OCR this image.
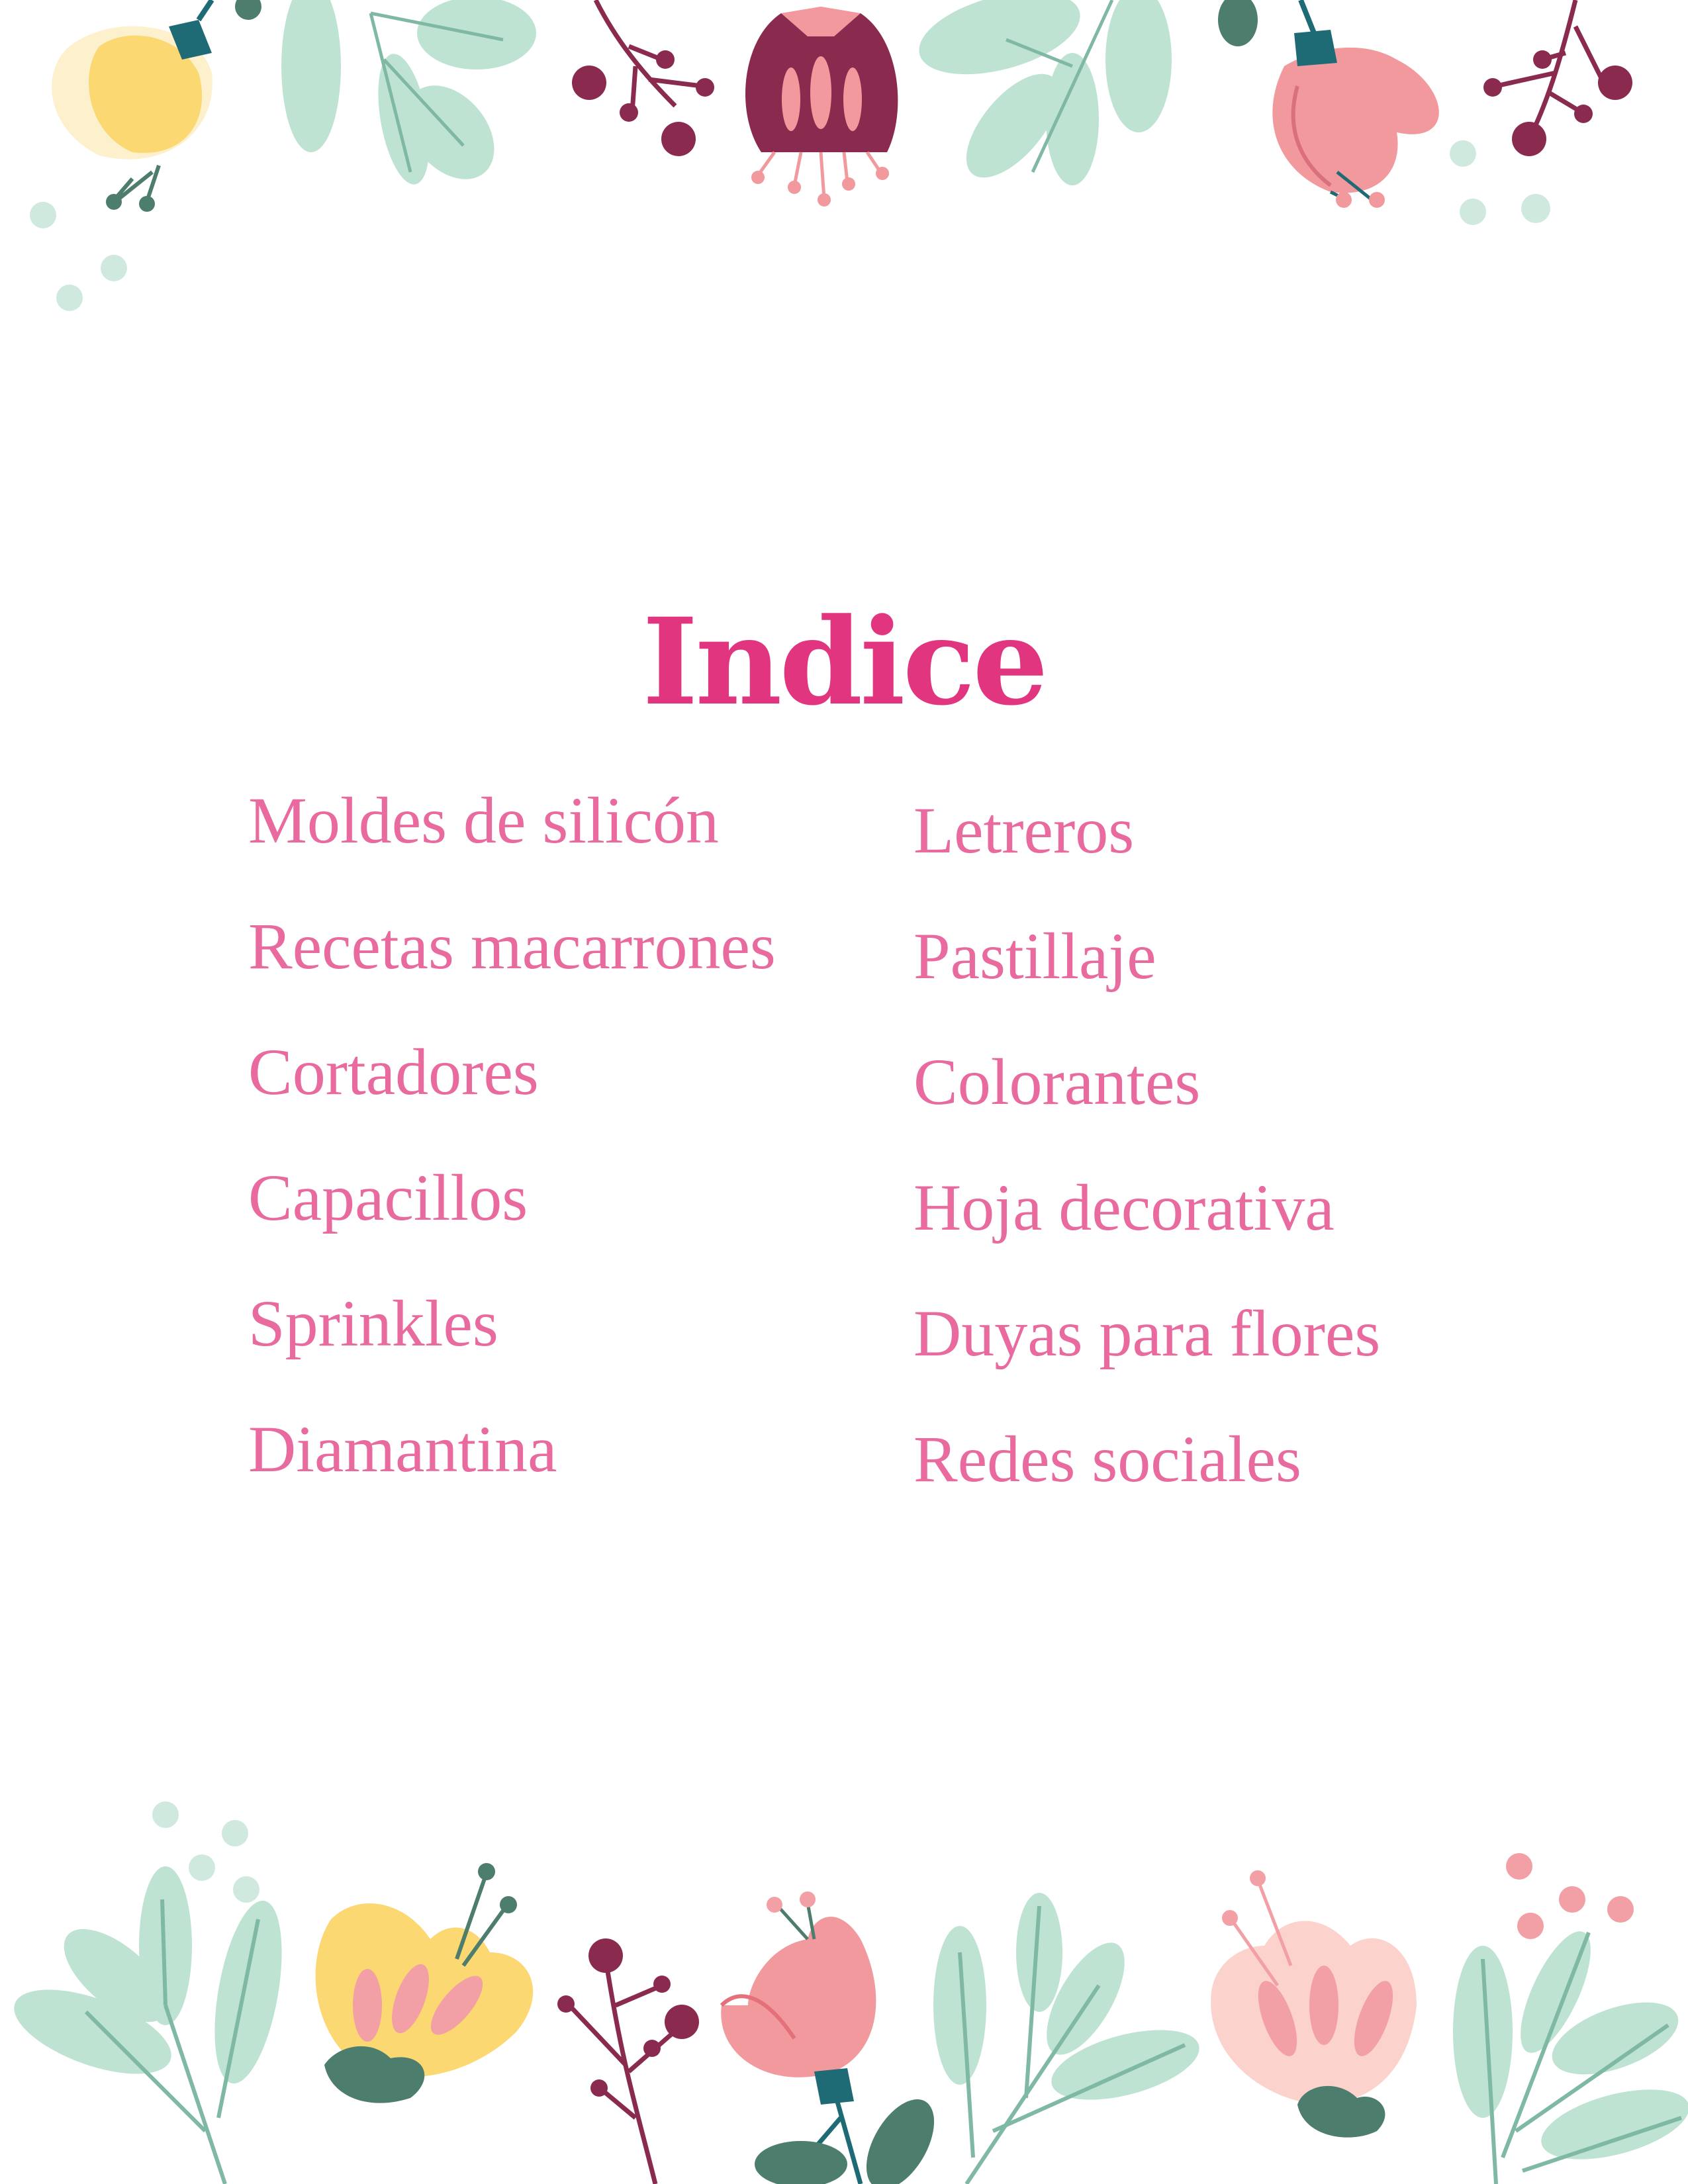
Indice
Moldes de silicón
Recetas macarrones
Cortadores
Capacillos
Sprinkles
Diamantina
Letreros
Pastillaje
Colorantes
Hoja decorativa
Duyas para flores
Redes sociales
